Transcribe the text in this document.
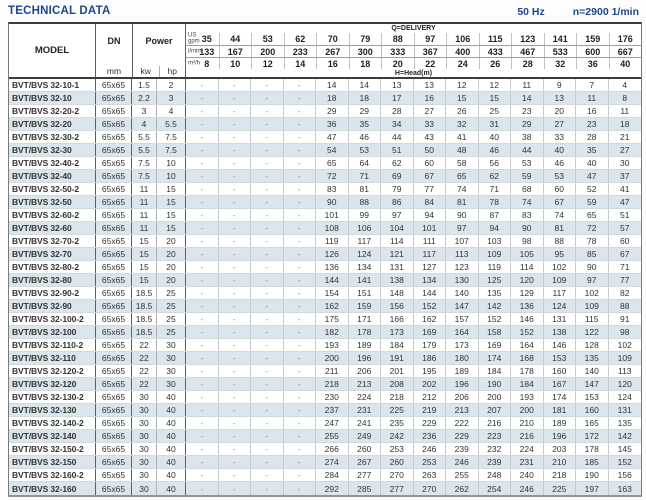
TECHNICAL DATA	50 Hz	n=2900 1/min
MODEL
DN
mm
Power
kw	hp
Q=DELIVERY
US
gpm 35 44 53 62 70 79 88 97 106 115 123 141 159 176
l/min
133 167 200 233 267 300 333 367 400 433 467 533 600 667
m³/h 8 10 12 14 16 18 20 22 24 26 28 32 36 40
H=Head(m)
BVT/BVS 32-10-1	65x65	1.5	2	-	-	-	-	14	14	13	13	12	12	11	9	7	4
BVT/BVS 32-10	65x65	2.2	3	-	-	-	-	18	18	17	16	15	15	14	13	11	8
BVT/BVS 32-20-2	65x65	3	4	-	-	-	-	29	29	28	27	26	25	23	20	16	11
BVT/BVS 32-20	65x65	4	5.5	-	-	-	-	36	35	34	33	32	31	29	27	23	18
BVT/BVS 32-30-2	65x65	5.5	7.5	-	-	-	-	47	46	44	43	41	40	38	33	28	21
BVT/BVS 32-30	65x65	5.5	7.5	-	-	-	-	54	53	51	50	48	46	44	40	35	27
BVT/BVS 32-40-2	65x65	7.5	10	-	-	-	-	65	64	62	60	58	56	53	46	40	30
BVT/BVS 32-40	65x65	7.5	10	-	-	-	-	72	71	69	67	65	62	59	53	47	37
BVT/BVS 32-50-2	65x65	11	15	-	-	-	-	83	81	79	77	74	71	68	60	52	41
BVT/BVS 32-50	65x65	11	15	-	-	-	-	90	88	86	84	81	78	74	67	59	47
BVT/BVS 32-60-2	65x65	11	15	-	-	-	-	101	99	97	94	90	87	83	74	65	51
BVT/BVS 32-60	65x65	11	15	-	-	-	-	108	106	104	101	97	94	90	81	72	57
BVT/BVS 32-70-2	65x65	15	20	-	-	-	-	119	117	114	111	107	103	98	88	78	60
BVT/BVS 32-70	65x65	15	20	-	-	-	-	126	124	121	117	113	109	105	95	85	67
BVT/BVS 32-80-2	65x65	15	20	-	-	-	-	136	134	131	127	123	119	114	102	90	71
BVT/BVS 32-80	65x65	15	20	-	-	-	-	144	141	138	134	130	125	120	109	97	77
BVT/BVS 32-90-2	65x65	18.5	25	-	-	-	-	154	151	148	144	140	135	129	117	102	82
BVT/BVS 32-90	65x65	18.5	25	-	-	-	-	162	159	156	152	147	142	136	124	109	88
BVT/BVS 32-100-2	65x65	18.5	25	-	-	-	-	175	171	166	162	157	152	146	131	115	91
BVT/BVS 32-100	65x65	18.5	25	-	-	-	-	182	178	173	169	164	158	152	138	122	98
BVT/BVS 32-110-2	65x65	22	30	-	-	-	-	193	189	184	179	173	169	164	146	128	102
BVT/BVS 32-110	65x65	22	30	-	-	-	-	200	196	191	186	180	174	168	153	135	109
BVT/BVS 32-120-2	65x65	22	30	-	-	-	-	211	206	201	195	189	184	178	160	140	113
BVT/BVS 32-120	65x65	22	30	-	-	-	-	218	213	208	202	196	190	184	167	147	120
BVT/BVS 32-130-2	65x65	30	40	-	-	-	-	230	224	218	212	206	200	193	174	153	124
BVT/BVS 32-130	65x65	30	40	-	-	-	-	237	231	225	219	213	207	200	181	160	131
BVT/BVS 32-140-2	65x65	30	40	-	-	-	-	247	241	235	229	222	216	210	189	165	135
BVT/BVS 32-140	65x65	30	40	-	-	-	-	255	249	242	236	229	223	216	196	172	142
BVT/BVS 32-150-2	65x65	30	40	-	-	-	-	266	260	253	246	239	232	224	203	178	145
BVT/BVS 32-150	65x65	30	40	-	-	-	-	274	267	260	253	246	239	231	210	185	152
BVT/BVS 32-160-2	65x65	30	40	-	-	-	-	284	277	270	263	255	248	240	218	190	156
BVT/BVS 32-160	65x65	30	40	-	-	-	-	292	285	277	270	262	254	246	225	197	163
